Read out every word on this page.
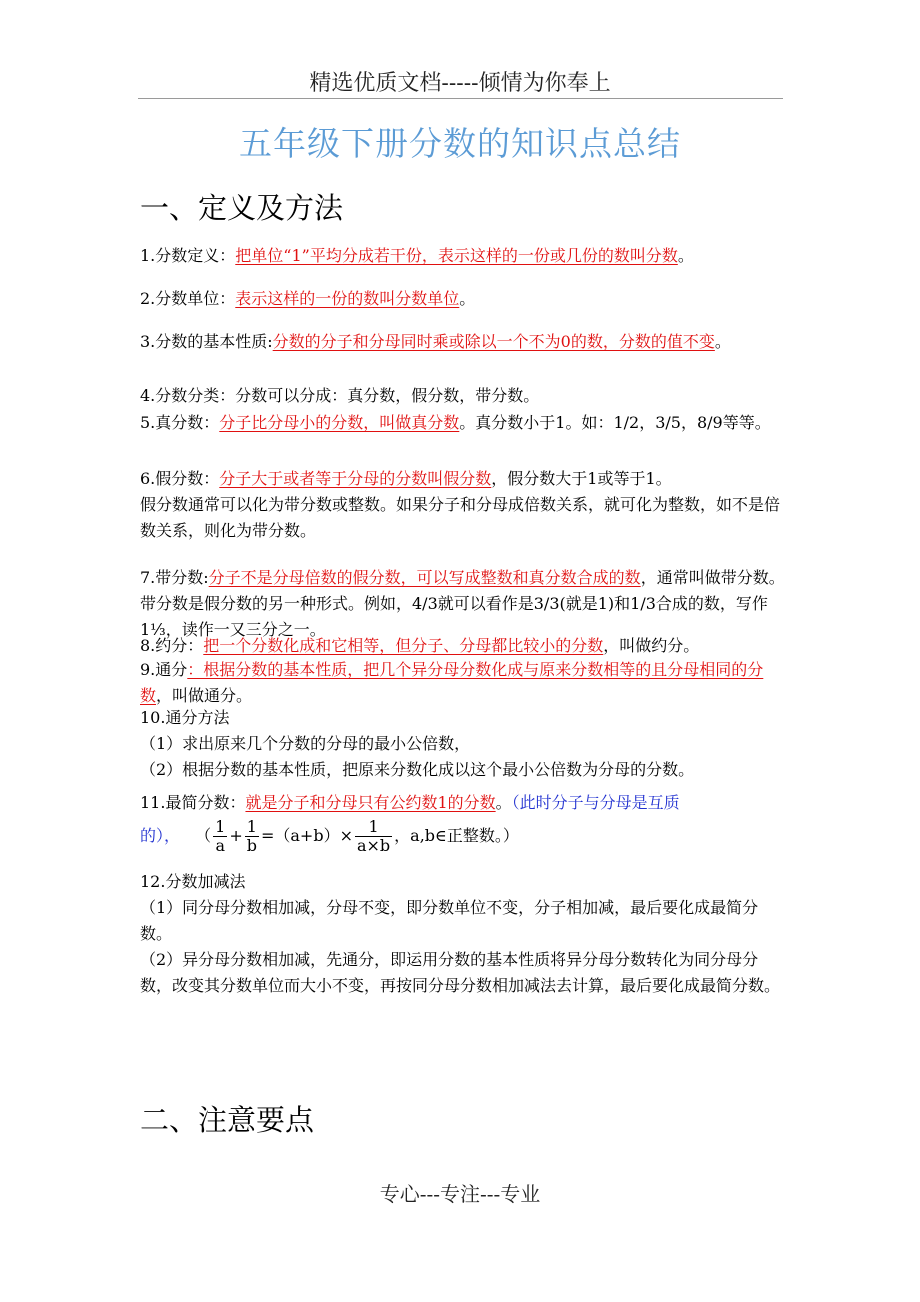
精选优质文档-----倾情为你奉上
五年级下册分数的知识点总结
一、定义及方法
1.分数定义：把单位“1”平均分成若干份，表示这样的一份或几份的数叫分数。
2.分数单位：表示这样的一份的数叫分数单位。
3.分数的基本性质:分数的分子和分母同时乘或除以一个不为0的数，分数的值不变。
4.分数分类：分数可以分成：真分数，假分数，带分数。
5.真分数：分子比分母小的分数，叫做真分数。真分数小于1。如：1/2，3/5，8/9等等。
6.假分数：分子大于或者等于分母的分数叫假分数，假分数大于1或等于1。
假分数通常可以化为带分数或整数。如果分子和分母成倍数关系，就可化为整数，如不是倍数关系，则化为带分数。
7.带分数:分子不是分母倍数的假分数，可以写成整数和真分数合成的数，通常叫做带分数。带分数是假分数的另一种形式。例如，4/3就可以看作是3/3(就是1)和1/3合成的数，写作1⅓，读作一又三分之一。
8.约分：把一个分数化成和它相等，但分子、分母都比较小的分数，叫做约分。
9.通分：根据分数的基本性质，把几个异分母分数化成与原来分数相等的且分母相同的分数，叫做通分。
10.通分方法
（1）求出原来几个分数的分母的最小公倍数，
（2）根据分数的基本性质，把原来分数化成以这个最小公倍数为分母的分数。
11.最简分数：就是分子和分母只有公约数1的分数。（此时分子与分母是互质
的）， （ $\frac{1}{a} + \frac{1}{b} =(a+b)\times \frac{1}{a\times b}$ ，a,b∈正整数。）
12.分数加减法
（1）同分母分数相加减，分母不变，即分数单位不变，分子相加减，最后要化成最简分数。
（2）异分母分数相加减，先通分，即运用分数的基本性质将异分母分数转化为同分母分数，改变其分数单位而大小不变，再按同分母分数相加减法去计算，最后要化成最简分数。
二、注意要点
专心---专注---专业
